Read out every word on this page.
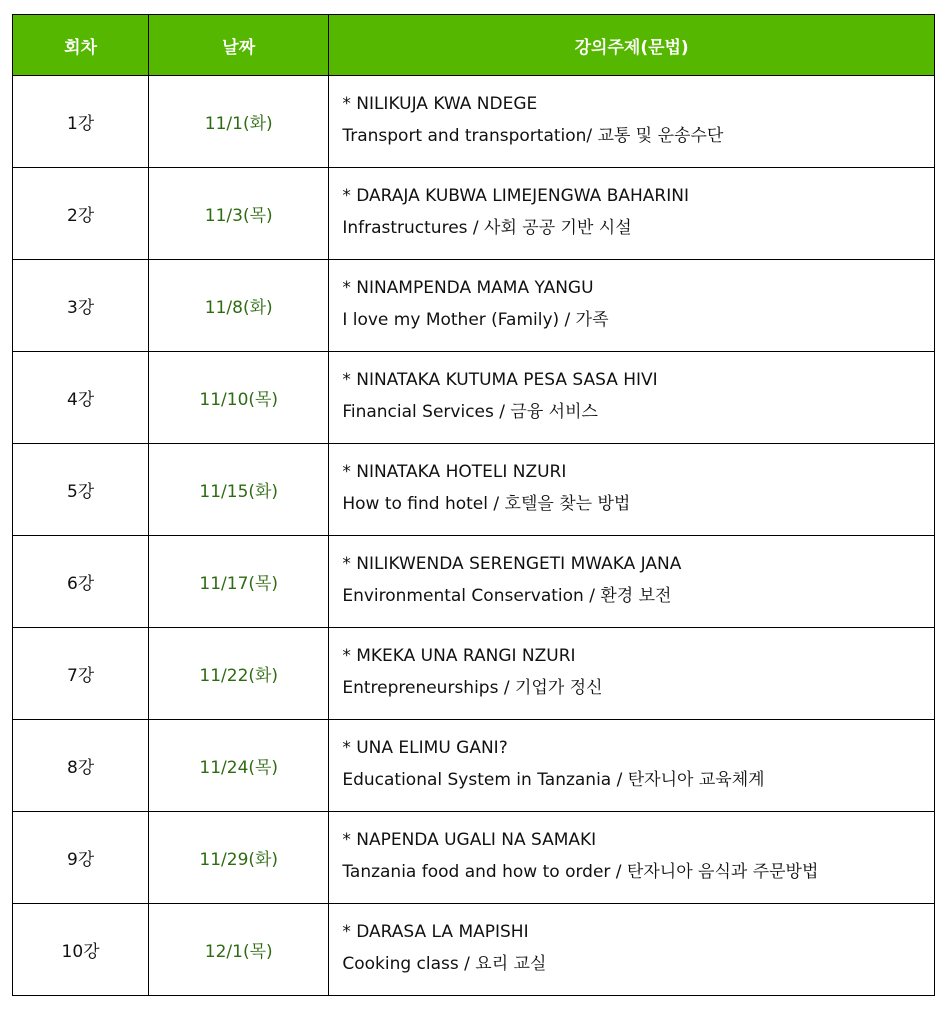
회차	날짜	강의주제(문법)
1강	11/1(화)	* NILIKUJA KWA NDEGE
Transport and transportation/ 교통 및 운송수단

2강	11/3(목)	* DARAJA KUBWA LIMEJENGWA BAHARINI
Infrastructures / 사회 공공 기반 시설

3강	11/8(화)	* NINAMPENDA MAMA YANGU
I love my Mother (Family) / 가족

4강	11/10(목)	* NINATAKA KUTUMA PESA SASA HIVI
Financial Services / 금융 서비스

5강	11/15(화)	* NINATAKA HOTELI NZURI
How to find hotel / 호텔을 찾는 방법

6강	11/17(목)	* NILIKWENDA SERENGETI MWAKA JANA
Environmental Conservation / 환경 보전

7강	11/22(화)	* MKEKA UNA RANGI NZURI
Entrepreneurships / 기업가 정신

8강	11/24(목)	* UNA ELIMU GANI?
Educational System in Tanzania / 탄자니아 교육체계

9강	11/29(화)	* NAPENDA UGALI NA SAMAKI
Tanzania food and how to order / 탄자니아 음식과 주문방법

10강	12/1(목)	* DARASA LA MAPISHI
Cooking class / 요리 교실
